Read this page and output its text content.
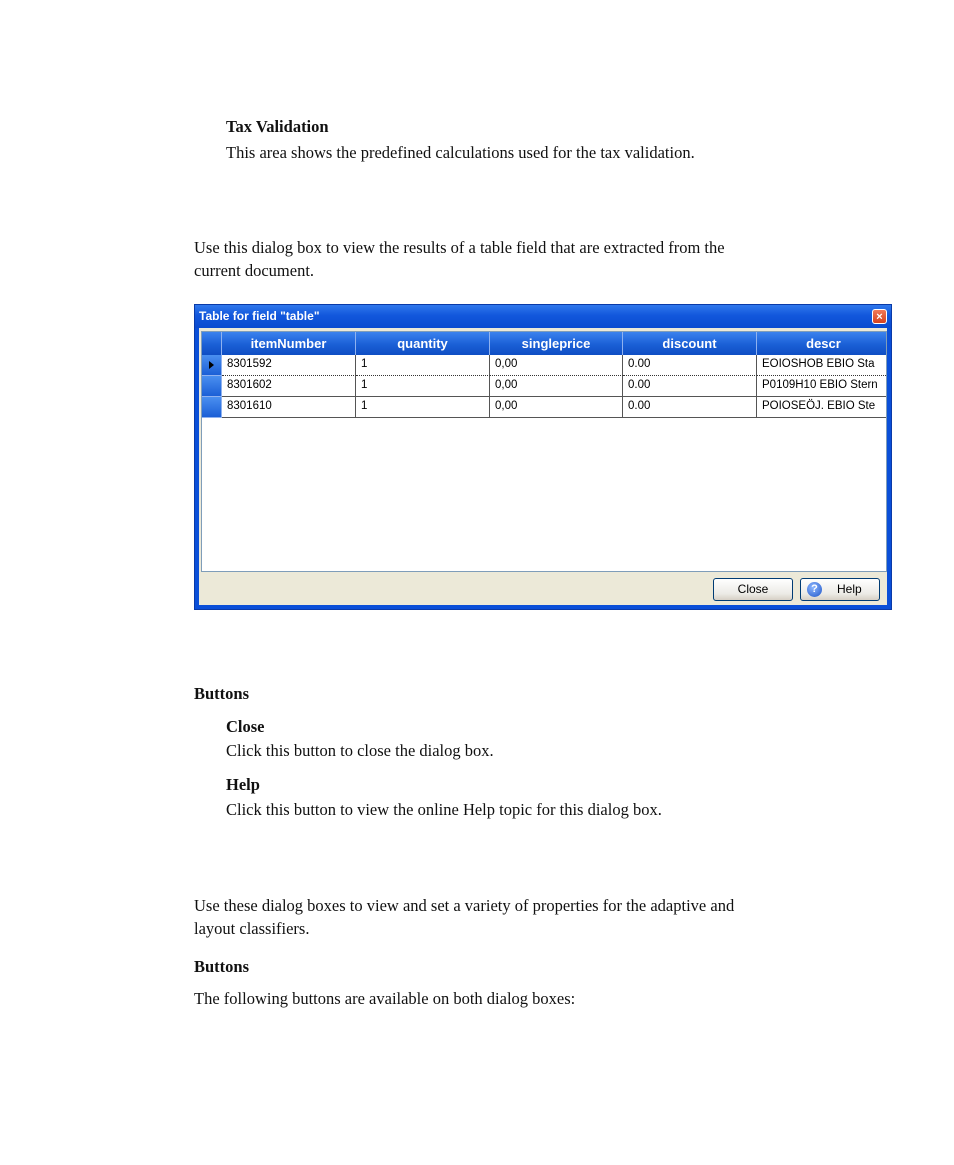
Tax Validation
This area shows the predefined calculations used for the tax validation.
Use this dialog box to view the results of a table field that are extracted from the
current document.
Table for field "table"	×
itemNumber	quantity	singleprice	discount	descr
8301592	1	0,00	0.00	EOIOSHOB EBIO Sta
8301602	1	0,00	0.00	P0109H10 EBIO Stern
8301610	1	0,00	0.00	POIOSEÖJ. EBIO Ste
Close	?	Help
Buttons
Close
Click this button to close the dialog box.
Help
Click this button to view the online Help topic for this dialog box.
Use these dialog boxes to view and set a variety of properties for the adaptive and
layout classifiers.
Buttons
The following buttons are available on both dialog boxes:
